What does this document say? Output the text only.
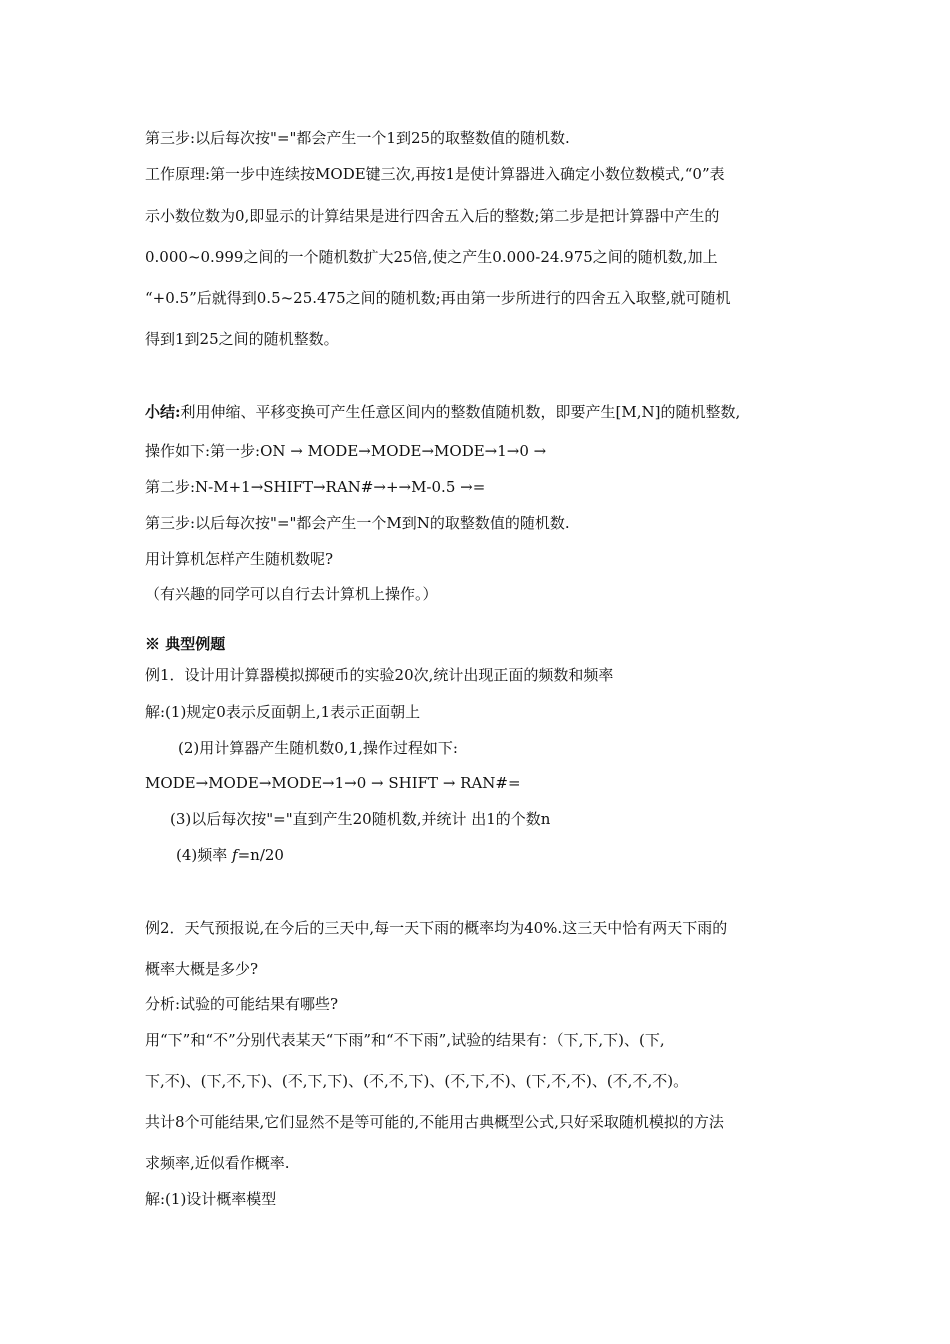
第三步:以后每次按"="都会产生一个1到25的取整数值的随机数.
工作原理:第一步中连续按MODE键三次,再按1是使计算器进入确定小数位数模式,“0”表
示小数位数为0,即显示的计算结果是进行四舍五入后的整数;第二步是把计算器中产生的
0.000~0.999之间的一个随机数扩大25倍,使之产生0.000-24.975之间的随机数,加上
“+0.5”后就得到0.5~25.475之间的随机数;再由第一步所进行的四舍五入取整,就可随机
得到1到25之间的随机整数。
小结:利用伸缩、平移变换可产生任意区间内的整数值随机数，即要产生[M,N]的随机整数,
操作如下:第一步:ON → MODE→MODE→MODE→1→0 →
第二步:N-M+1→SHIFT→RAN#→+→M-0.5 →=
第三步:以后每次按"="都会产生一个M到N的取整数值的随机数.
用计算机怎样产生随机数呢?
（有兴趣的同学可以自行去计算机上操作。）
※ 典型例题
例1．设计用计算器模拟掷硬币的实验20次,统计出现正面的频数和频率
解:(1)规定0表示反面朝上,1表示正面朝上
(2)用计算器产生随机数0,1,操作过程如下:
MODE→MODE→MODE→1→0 → SHIFT → RAN#=
(3)以后每次按"="直到产生20随机数,并统计 出1的个数n
(4)频率 f=n/20
例2．天气预报说,在今后的三天中,每一天下雨的概率均为40%.这三天中恰有两天下雨的
概率大概是多少?
分析:试验的可能结果有哪些?
用“下”和“不”分别代表某天“下雨”和“不下雨”,试验的结果有：（下,下,下)、(下,
下,不)、(下,不,下)、(不,下,下)、(不,不,下)、(不,下,不)、(下,不,不)、(不,不,不)。
共计8个可能结果,它们显然不是等可能的,不能用古典概型公式,只好采取随机模拟的方法
求频率,近似看作概率.
解:(1)设计概率模型
